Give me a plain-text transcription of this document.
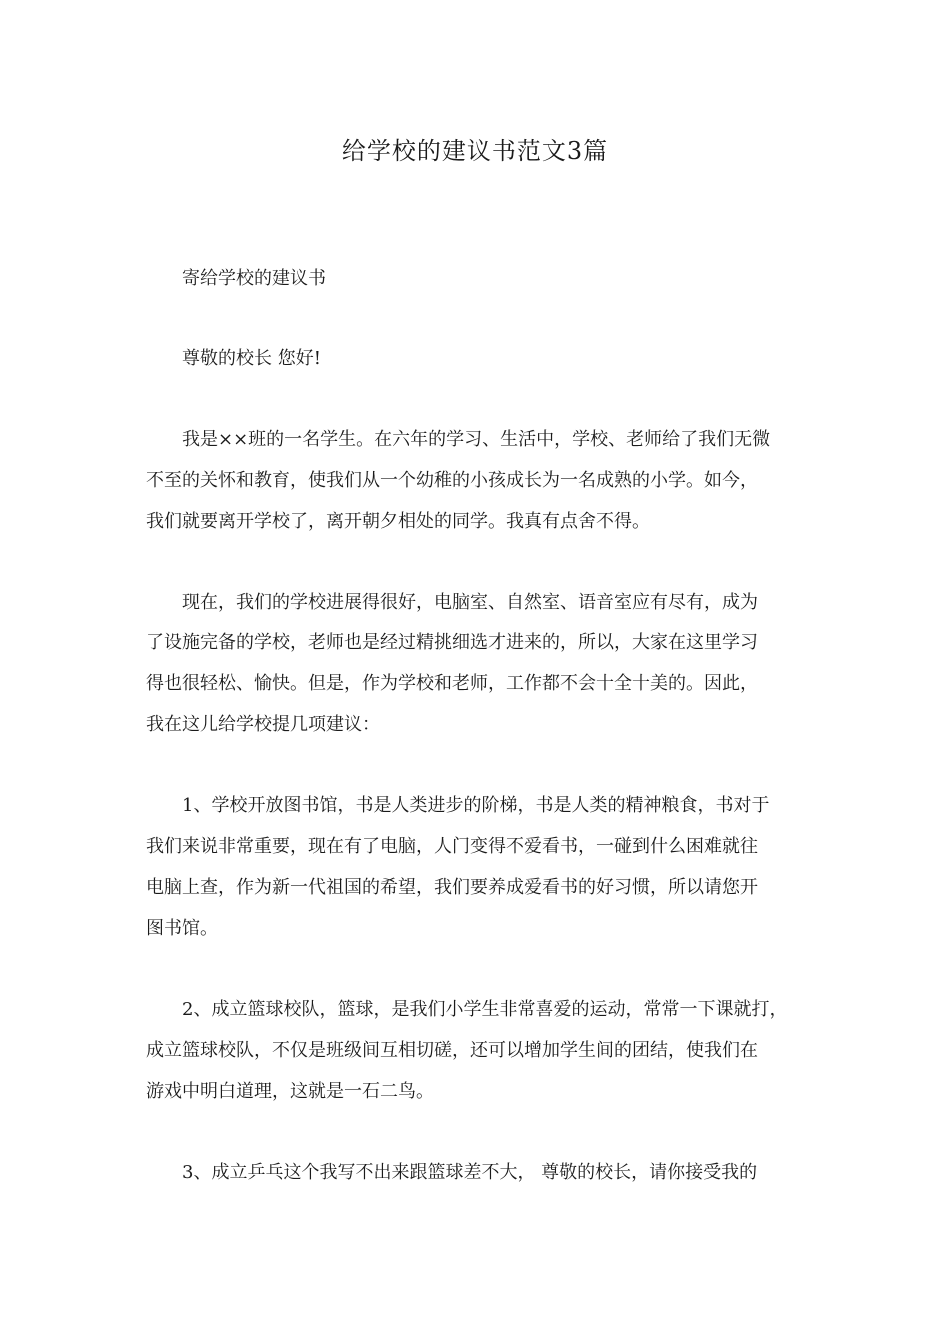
给学校的建议书范文3篇
寄给学校的建议书
尊敬的校长 您好!
我是××班的一名学生。在六年的学习、生活中，学校、老师给了我们无微
不至的关怀和教育，使我们从一个幼稚的小孩成长为一名成熟的小学。如今，
我们就要离开学校了，离开朝夕相处的同学。我真有点舍不得。
现在，我们的学校进展得很好，电脑室、自然室、语音室应有尽有，成为
了设施完备的学校，老师也是经过精挑细选才进来的，所以，大家在这里学习
得也很轻松、愉快。但是，作为学校和老师，工作都不会十全十美的。因此，
我在这儿给学校提几项建议：
1、学校开放图书馆，书是人类进步的阶梯，书是人类的精神粮食，书对于
我们来说非常重要，现在有了电脑，人门变得不爱看书，一碰到什么困难就往
电脑上查，作为新一代祖国的希望，我们要养成爱看书的好习惯，所以请您开
图书馆。
2、成立篮球校队，篮球，是我们小学生非常喜爱的运动，常常一下课就打，
成立篮球校队，不仅是班级间互相切磋，还可以增加学生间的团结，使我们在
游戏中明白道理，这就是一石二鸟。
3、成立乒乓这个我写不出来跟篮球差不大， 尊敬的校长，请你接受我的
